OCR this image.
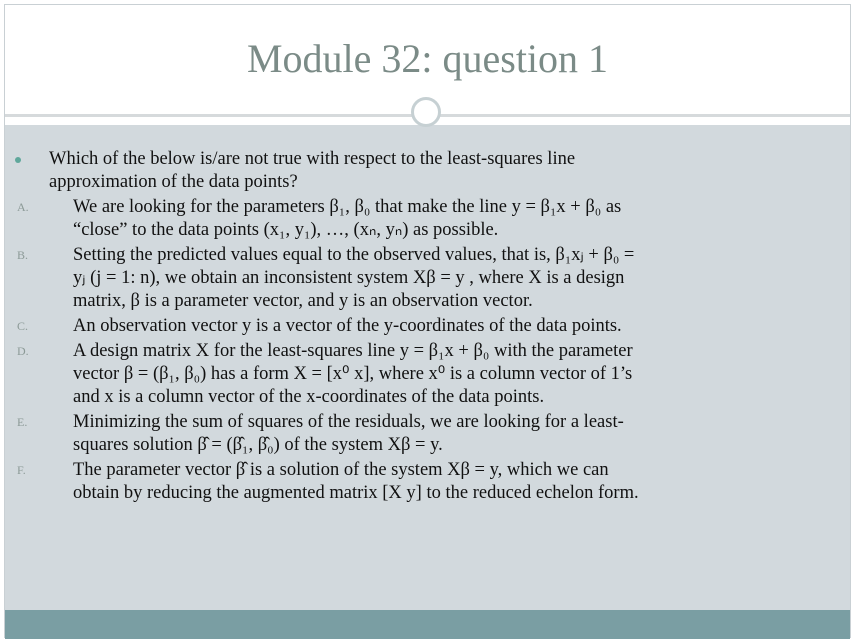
Module 32: question 1
Which of the below is/are not true with respect to the least-squares line
approximation of the data points?
A. We are looking for the parameters β₁, β₀ that make the line y = β₁x + β₀ as
“close” to the data points (x₁, y₁), …, (xₙ, yₙ) as possible.
B. Setting the predicted values equal to the observed values, that is, β₁xⱼ + β₀ =
yⱼ (j = 1: n), we obtain an inconsistent system Xβ = y , where X is a design
matrix, β is a parameter vector, and y is an observation vector.
C. An observation vector y is a vector of the y-coordinates of the data points.
D. A design matrix X for the least-squares line y = β₁x + β₀ with the parameter
vector β = (β₁, β₀) has a form X = [x⁰ x], where x⁰ is a column vector of 1’s
and x is a column vector of the x-coordinates of the data points.
E. Minimizing the sum of squares of the residuals, we are looking for a least-
squares solution β̂ = (β̂₁, β̂₀) of the system Xβ = y.
F.	The parameter vector β̂ is a solution of the system Xβ = y, which we can
obtain by reducing the augmented matrix [X y] to the reduced echelon form.
